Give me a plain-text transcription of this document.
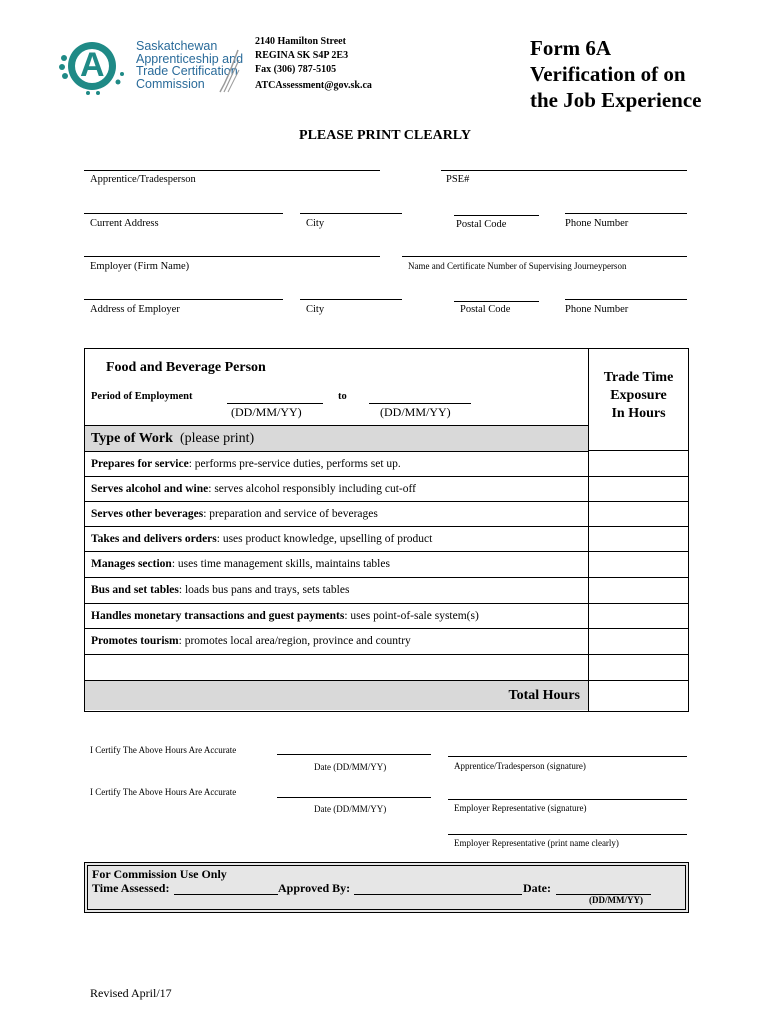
A	Saskatchewan
Apprenticeship and
Trade Certification
Commission
2140 Hamilton Street
REGINA SK S4P 2E3
Fax (306) 787-5105
ATCAssessment@gov.sk.ca
Form 6A
Verification of on
the Job Experience
PLEASE PRINT CLEARLY
Apprentice/Tradesperson	PSE#
Current Address	City	Postal Code	Phone Number
Employer (Firm Name)	Name and Certificate Number of Supervising Journeyperson
Address of Employer	City	Postal Code	Phone Number
Food and Beverage Person
Period of Employment	to
(DD/MM/YY)	(DD/MM/YY)
Trade Time
Exposure
In Hours
Type of Work (please print)
Prepares for service: performs pre-service duties, performs set up.
Serves alcohol and wine: serves alcohol responsibly including cut-off
Serves other beverages: preparation and service of beverages
Takes and delivers orders: uses product knowledge, upselling of product
Manages section: uses time management skills, maintains tables
Bus and set tables: loads bus pans and trays, sets tables
Handles monetary transactions and guest payments: uses point-of-sale system(s)
Promotes tourism: promotes local area/region, province and country
Total Hours
I Certify The Above Hours Are Accurate
Date (DD/MM/YY)	Apprentice/Tradesperson (signature)
I Certify The Above Hours Are Accurate
Date (DD/MM/YY)	Employer Representative (signature)
Employer Representative (print name clearly)
For Commission Use Only
Time Assessed:	Approved By:	Date:
(DD/MM/YY)
Revised April/17
